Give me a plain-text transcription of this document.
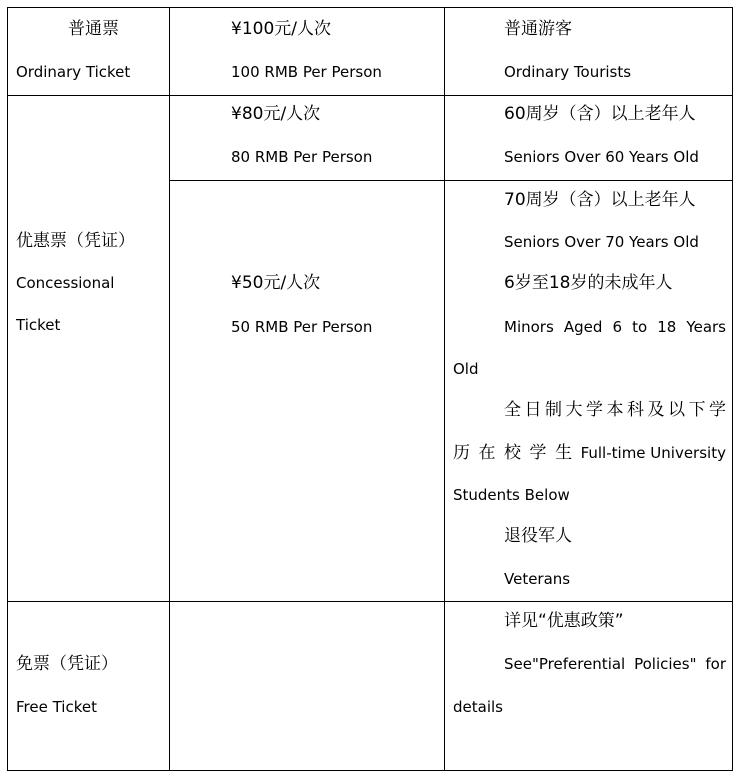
普通票
Ordinary Ticket
¥100元/人次
100 RMB Per Person
普通游客
Ordinary Tourists
¥80元/人次
80 RMB Per Person
60周岁（含）以上老年人
Seniors Over 60 Years Old
优惠票（凭证）
Concessional
Ticket
¥50元/人次
50 RMB Per Person
70周岁（含）以上老年人
Seniors Over 70 Years Old
6岁至18岁的未成年人
Minors Aged 6 to 18 Years
Old
全 日 制 大 学 本 科 及 以 下 学
历 在 校 学 生 Full-time University
Students Below
退役军人
Veterans
免票（凭证）
Free Ticket
详见“优惠政策”
See"Preferential Policies" for
details
